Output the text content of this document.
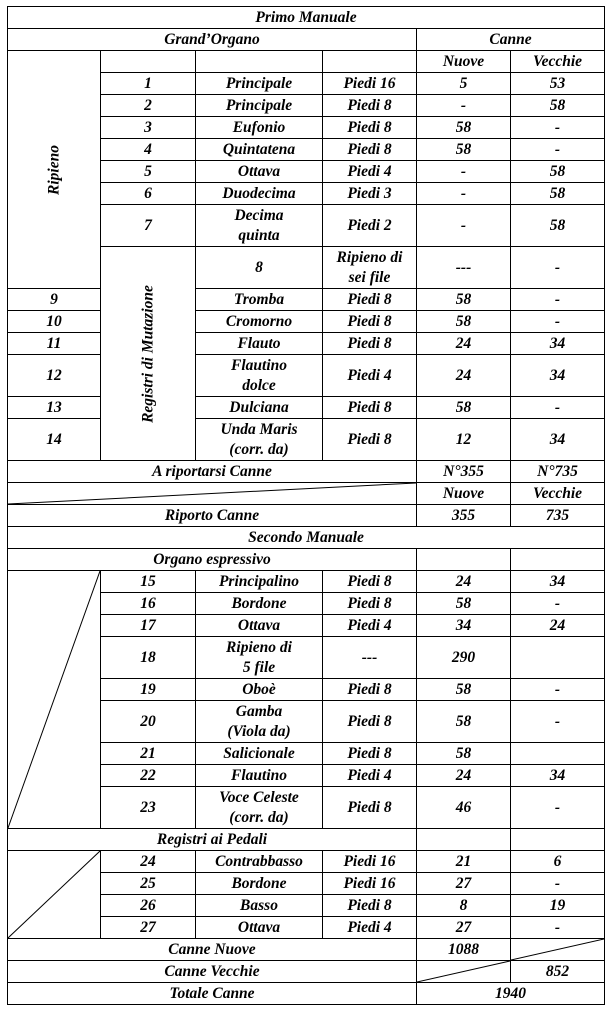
Primo Manuale						
Grand’Organo				Canne		

Ripieno				Nuove	Vecchie	
	1	Principale	Piedi 16	5	53	
	2	Principale	Piedi 8	-	58	
	3	Eufonio	Piedi 8	58	-	
	4	Quintatena	Piedi 8	58	-	
	5	Ottava	Piedi 4	-	58	
	6	Duodecima	Piedi 3	-	58	
	7	Decima
quinta	Piedi 2	-	58	

	Registri di Mutazione	8	Ripieno di
sei file	---	-	
9		Tromba	Piedi 8	58	-	
10		Cromorno	Piedi 8	58	-	
11		Flauto	Piedi 8	24	34	
12		Flautino
dolce	Piedi 4	24	34	
13		Dulciana	Piedi 8	58	-	
14		Unda Maris
(corr. da)	Piedi 8	12	34	
A riportarsi Canne				N°355	N°735	

	Nuove	Vecchie	
Riporto Canne				355	735	
Secondo Manuale						
Organo espressivo						

	15	Principalino	Piedi 8	24	34	
	16	Bordone	Piedi 8	58	-	
	17	Ottava	Piedi 4	34	24	
	18	Ripieno di
5 file	---	290		
	19	Oboè	Piedi 8	58	-	
	20	Gamba
(Viola da)	Piedi 8	58	-	
	21	Salicionale	Piedi 8	58		
	22	Flautino	Piedi 4	24	34	
	23	Voce Celeste
(corr. da)	Piedi 8	46	-	
Registri ai Pedali						

	24	Contrabbasso	Piedi 16	21	6	
	25	Bordone	Piedi 16	27	-	
	26	Basso	Piedi 8	8	19	
	27	Ottava	Piedi 4	27	-	
Canne Nuove				1088	

Canne Vecchie					852	
Totale Canne				1940		
